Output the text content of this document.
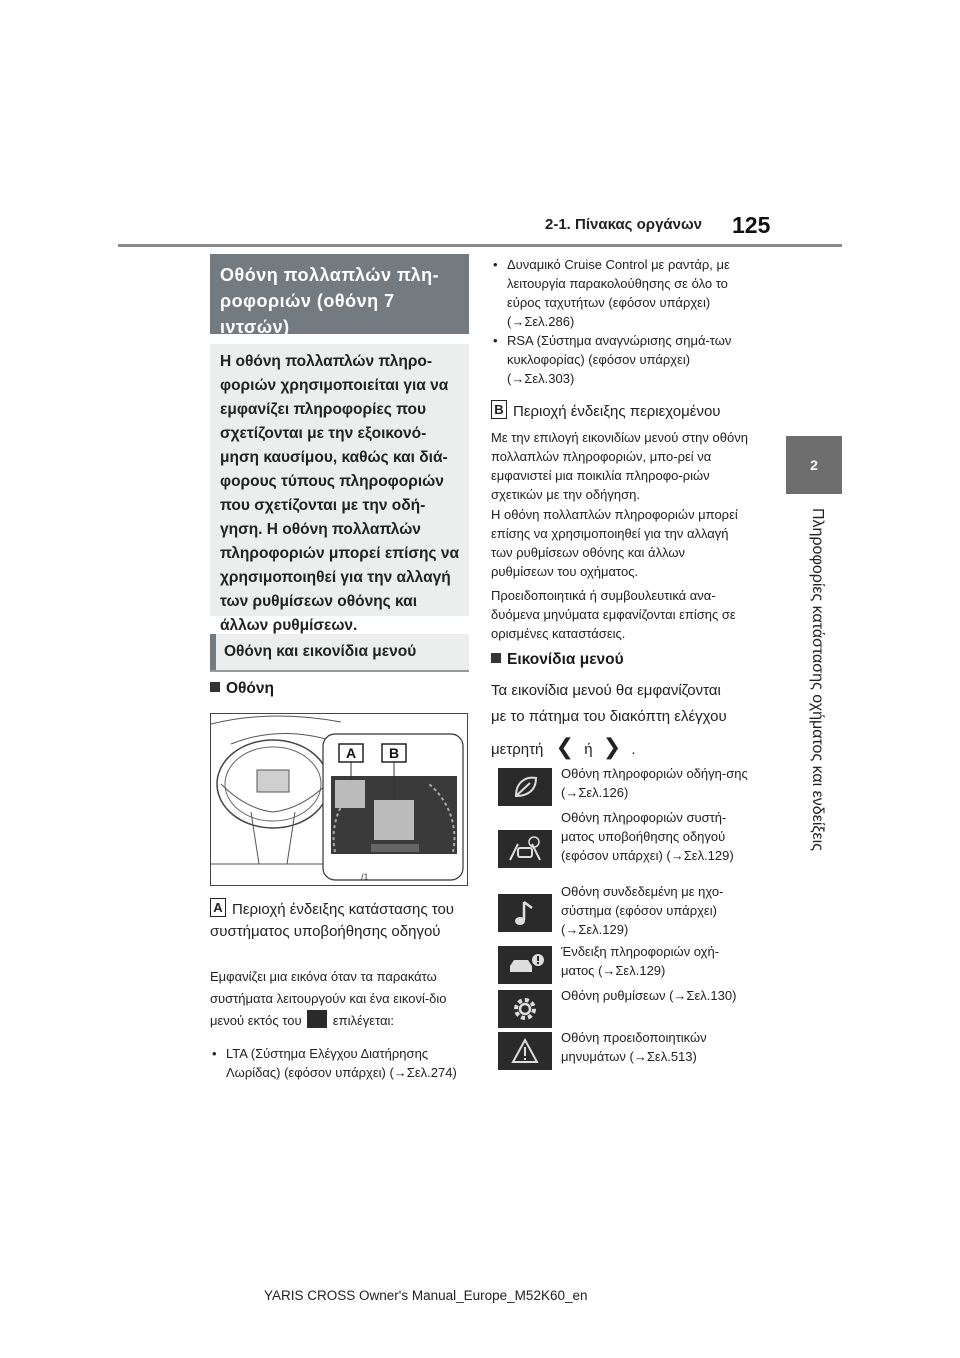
2-1. Πίνακας οργάνων 125
2
Πληροφορίες κατάστασης οχήματος και ενδείξεις
Οθόνη πολλαπλών πλη-ροφοριών (οθόνη 7 ιντσών)
Η οθόνη πολλαπλών πληρο-φοριών χρησιμοποιείται για να εμφανίζει πληροφορίες που σχετίζονται με την εξοικονό-μηση καυσίμου, καθώς και διά-φορους τύπους πληροφοριών που σχετίζονται με την οδή-γηση. Η οθόνη πολλαπλών πληροφοριών μπορεί επίσης να χρησιμοποιηθεί για την αλλαγή των ρυθμίσεων οθόνης και άλλων ρυθμίσεων.
Οθόνη και εικονίδια μενού
Οθόνη
A B
/1
A Περιοχή ένδειξης κατάστασης του συστήματος υποβοήθησης οδηγού
Εμφανίζει μια εικόνα όταν τα παρακάτω συστήματα λειτουργούν και ένα εικονί-διο μενού εκτός του επιλέγεται:
• LTA (Σύστημα Ελέγχου Διατήρησης Λωρίδας) (εφόσον υπάρχει) (→Σελ.274)
• Δυναμικό Cruise Control με ραντάρ, με λειτουργία παρακολούθησης σε όλο το εύρος ταχυτήτων (εφόσον υπάρχει) (→Σελ.286)
• RSA (Σύστημα αναγνώρισης σημά-των κυκλοφορίας) (εφόσον υπάρχει) (→Σελ.303)
B Περιοχή ένδειξης περιεχομένου
Με την επιλογή εικονιδίων μενού στην οθόνη πολλαπλών πληροφοριών, μπο-ρεί να εμφανιστεί μια ποικιλία πληροφο-ριών σχετικών με την οδήγηση.
Η οθόνη πολλαπλών πληροφοριών μπορεί επίσης να χρησιμοποιηθεί για την αλλαγή των ρυθμίσεων οθόνης και άλλων ρυθμίσεων του οχήματος.
Προειδοποιητικά ή συμβουλευτικά ανα-δυόμενα μηνύματα εμφανίζονται επίσης σε ορισμένες καταστάσεις.
Εικονίδια μενού
Τα εικονίδια μενού θα εμφανίζονται
με το πάτημα του διακόπτη ελέγχου
μετρητή ❮ ή ❯ .
Οθόνη πληροφοριών οδήγη-σης (→Σελ.126)
Οθόνη πληροφοριών συστή-ματος υποβοήθησης οδηγού (εφόσον υπάρχει) (→Σελ.129)
Οθόνη συνδεδεμένη με ηχο-σύστημα (εφόσον υπάρχει) (→Σελ.129)
Ένδειξη πληροφοριών οχή-ματος (→Σελ.129)
Οθόνη ρυθμίσεων (→Σελ.130)
Οθόνη προειδοποιητικών μηνυμάτων (→Σελ.513)
YARIS CROSS Owner's Manual_Europe_M52K60_en
